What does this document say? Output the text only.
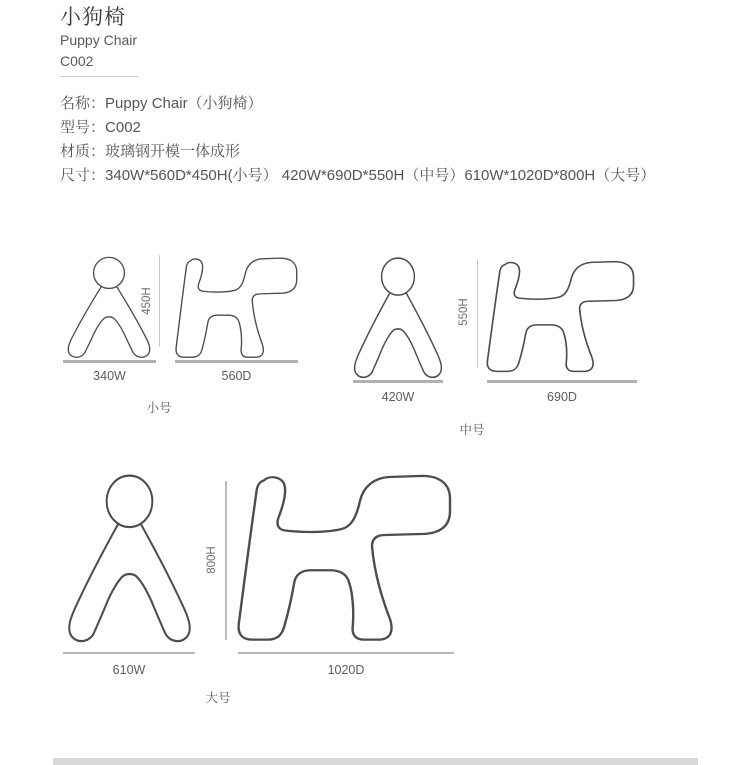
小狗椅
Puppy Chair
C002
名称：Puppy Chair（小狗椅）
型号：C002
材质：玻璃钢开模一体成形
尺寸：340W*560D*450H(小号） 420W*690D*550H（中号）610W*1020D*800H（大号）
450H
340W	560D
小号
550H
420W	690D
中号
800H
610W	1020D
大号
